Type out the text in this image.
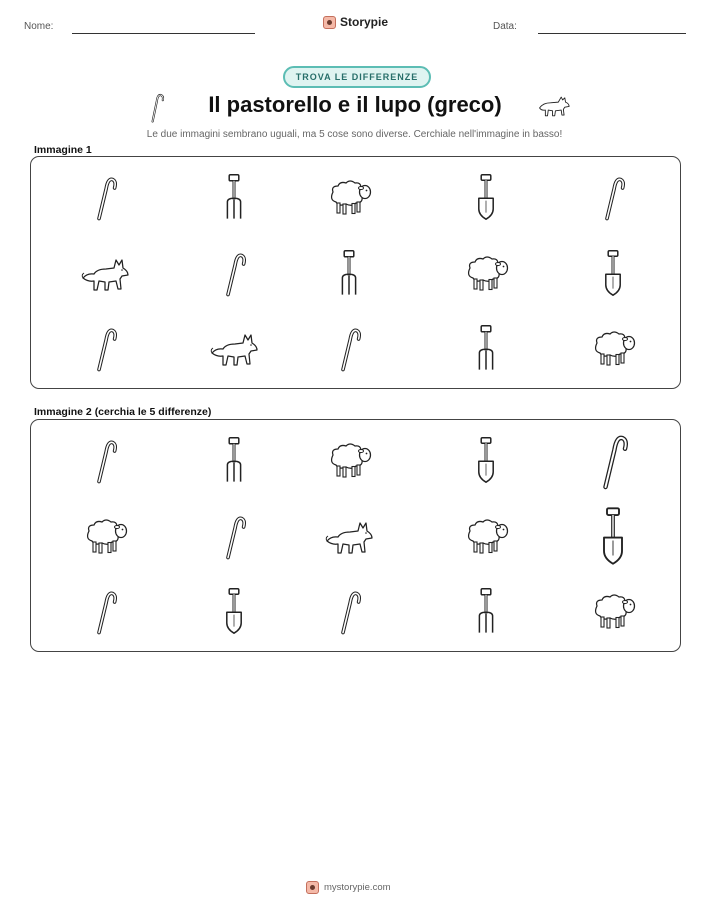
Nome:	Storypie	Data:
TROVA LE DIFFERENZE
Il pastorello e il lupo (greco)
Le due immagini sembrano uguali, ma 5 cose sono diverse. Cerchiale nell'immagine in basso!
Immagine 1
Immagine 2 (cerchia le 5 differenze)
mystorypie.com
